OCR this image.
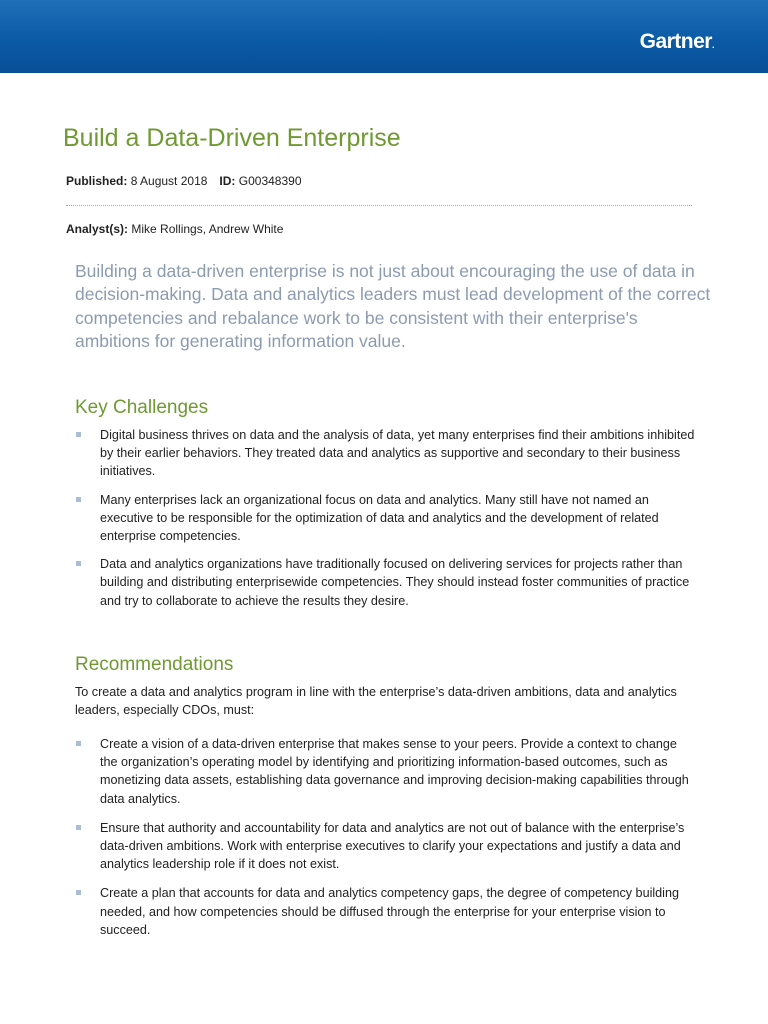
Gartner.
Build a Data-Driven Enterprise
Published: 8 August 2018 ID: G00348390
Analyst(s): Mike Rollings, Andrew White

Building a data-driven enterprise is not just about encouraging the use of data in decision-making. Data and analytics leaders must lead development of the correct competencies and rebalance work to be consistent with their enterprise's ambitions for generating information value.

Key Challenges
Digital business thrives on data and the analysis of data, yet many enterprises find their ambitions inhibited by their earlier behaviors. They treated data and analytics as supportive and secondary to their business initiatives.
Many enterprises lack an organizational focus on data and analytics. Many still have not named an executive to be responsible for the optimization of data and analytics and the development of related enterprise competencies.
Data and analytics organizations have traditionally focused on delivering services for projects rather than building and distributing enterprisewide competencies. They should instead foster communities of practice and try to collaborate to achieve the results they desire.
Recommendations

To create a data and analytics program in line with the enterprise’s data-driven ambitions, data and analytics leaders, especially CDOs, must:

Create a vision of a data-driven enterprise that makes sense to your peers. Provide a context to change the organization’s operating model by identifying and prioritizing information-based outcomes, such as monetizing data assets, establishing data governance and improving decision-making capabilities through data analytics.
Ensure that authority and accountability for data and analytics are not out of balance with the enterprise’s data-driven ambitions. Work with enterprise executives to clarify your expectations and justify a data and analytics leadership role if it does not exist.
Create a plan that accounts for data and analytics competency gaps, the degree of competency building needed, and how competencies should be diffused through the enterprise for your enterprise vision to succeed.
